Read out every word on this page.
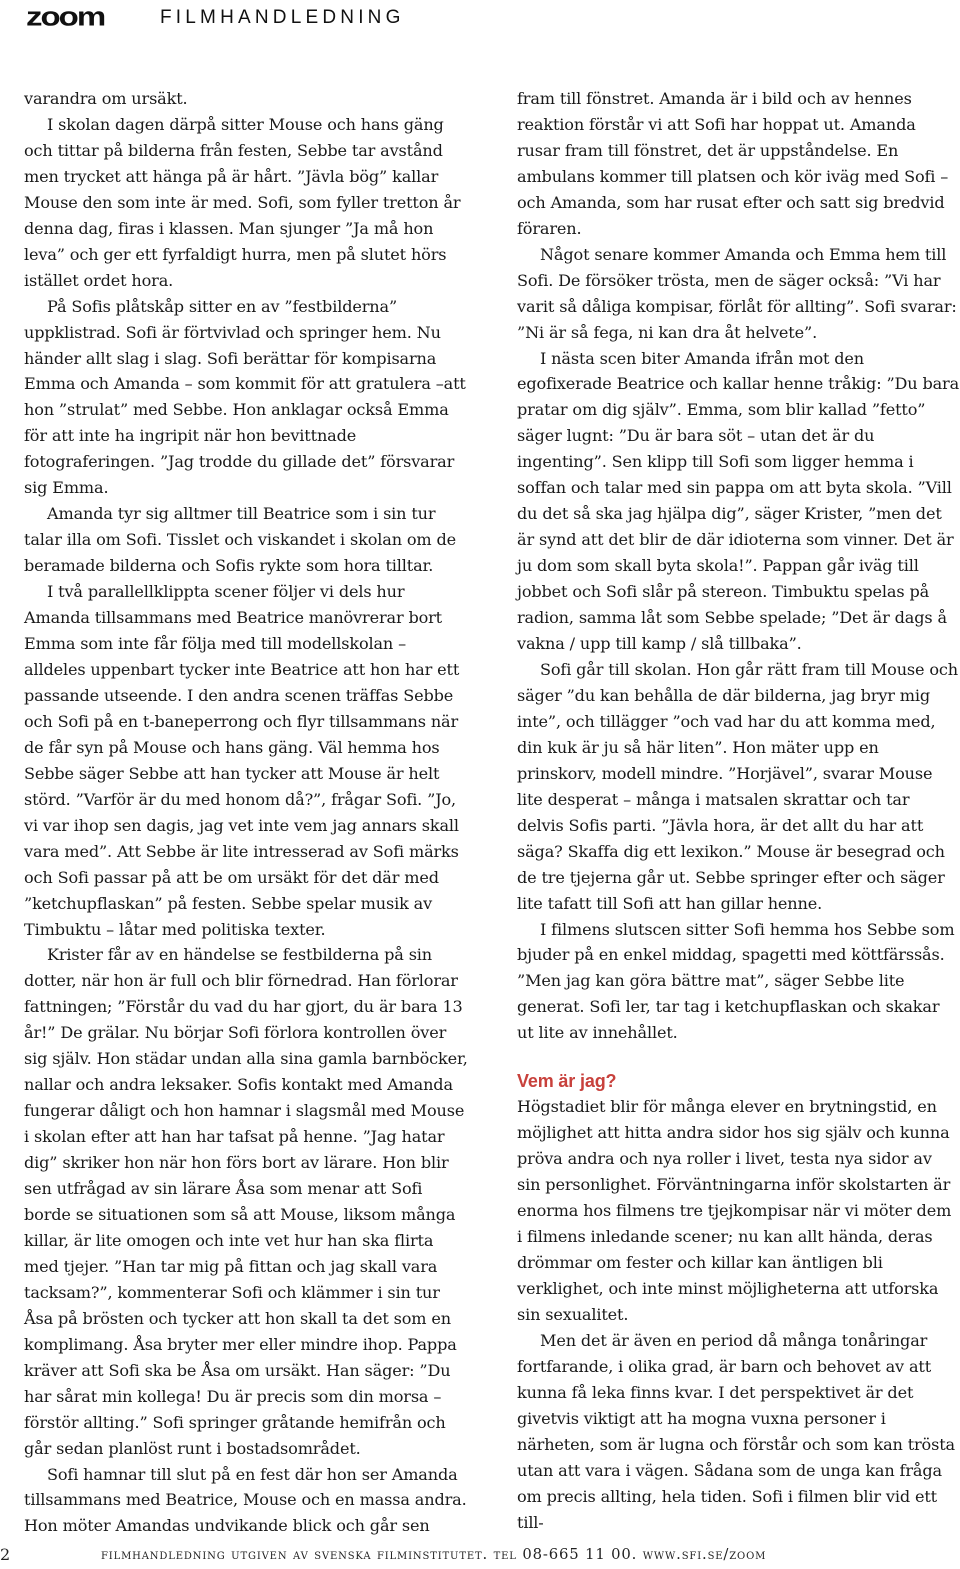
zoom	FILMHANDLEDNING

varandra om ursäkt.

I skolan dagen därpå sitter Mouse och hans gäng och tittar på bilderna från festen, Sebbe tar avstånd men trycket att hänga på är hårt. ”Jävla bög” kallar Mouse den som inte är med. Sofi, som fyller tretton år denna dag, firas i klassen. Man sjunger ”Ja må hon leva” och ger ett fyrfaldigt hurra, men på slutet hörs istället ordet hora.

På Sofis plåtskåp sitter en av ”festbilderna” uppklistrad. Sofi är förtvivlad och springer hem. Nu händer allt slag i slag. Sofi berättar för kompisarna Emma och Amanda – som kommit för att gratulera –att hon ”strulat” med Sebbe. Hon anklagar också Emma för att inte ha ingripit när hon bevittnade fotograferingen. ”Jag trodde du gillade det” försvarar sig Emma.

Amanda tyr sig alltmer till Beatrice som i sin tur talar illa om Sofi. Tisslet och viskandet i skolan om de beramade bilderna och Sofis rykte som hora tilltar.

I två parallellklippta scener följer vi dels hur Amanda tillsammans med Beatrice manövrerar bort Emma som inte får följa med till modellskolan – alldeles uppenbart tycker inte Beatrice att hon har ett passande utseende. I den andra scenen träffas Sebbe och Sofi på en t-baneperrong och flyr tillsammans när de får syn på Mouse och hans gäng. Väl hemma hos Sebbe säger Sebbe att han tycker att Mouse är helt störd. ”Varför är du med honom då?”, frågar Sofi. ”Jo, vi var ihop sen dagis, jag vet inte vem jag annars skall vara med”. Att Sebbe är lite intresserad av Sofi märks och Sofi passar på att be om ursäkt för det där med ”ketchupflaskan” på festen. Sebbe spelar musik av Timbuktu – låtar med politiska texter.

Krister får av en händelse se festbilderna på sin dotter, när hon är full och blir förnedrad. Han förlorar fattningen; ”Förstår du vad du har gjort, du är bara 13 år!” De grälar. Nu börjar Sofi förlora kontrollen över sig själv. Hon städar undan alla sina gamla barnböcker, nallar och andra leksaker. Sofis kontakt med Amanda fungerar dåligt och hon hamnar i slagsmål med Mouse i skolan efter att han har tafsat på henne. ”Jag hatar dig” skriker hon när hon förs bort av lärare. Hon blir sen utfrågad av sin lärare Åsa som menar att Sofi borde se situationen som så att Mouse, liksom många killar, är lite omogen och inte vet hur han ska flirta med tjejer. ”Han tar mig på fittan och jag skall vara tacksam?”, kommenterar Sofi och klämmer i sin tur Åsa på brösten och tycker att hon skall ta det som en komplimang. Åsa bryter mer eller mindre ihop. Pappa kräver att Sofi ska be Åsa om ursäkt. Han säger: ”Du har sårat min kollega! Du är precis som din morsa – förstör allting.” Sofi springer gråtande hemifrån och går sedan planlöst runt i bostadsområdet.

Sofi hamnar till slut på en fest där hon ser Amanda tillsammans med Beatrice, Mouse och en massa andra. Hon möter Amandas undvikande blick och går sen

fram till fönstret. Amanda är i bild och av hennes reaktion förstår vi att Sofi har hoppat ut. Amanda rusar fram till fönstret, det är uppståndelse. En ambulans kommer till platsen och kör iväg med Sofi – och Amanda, som har rusat efter och satt sig bredvid föraren.

Något senare kommer Amanda och Emma hem till Sofi. De försöker trösta, men de säger också: ”Vi har varit så dåliga kompisar, förlåt för allting”. Sofi svarar: ”Ni är så fega, ni kan dra åt helvete”.

I nästa scen biter Amanda ifrån mot den egofixerade Beatrice och kallar henne tråkig: ”Du bara pratar om dig själv”. Emma, som blir kallad ”fetto” säger lugnt: ”Du är bara söt – utan det är du ingenting”. Sen klipp till Sofi som ligger hemma i soffan och talar med sin pappa om att byta skola. ”Vill du det så ska jag hjälpa dig”, säger Krister, ”men det är synd att det blir de där idioterna som vinner. Det är ju dom som skall byta skola!”. Pappan går iväg till jobbet och Sofi slår på stereon. Timbuktu spelas på radion, samma låt som Sebbe spelade; ”Det är dags å vakna / upp till kamp / slå tillbaka”.

Sofi går till skolan. Hon går rätt fram till Mouse och säger ”du kan behålla de där bilderna, jag bryr mig inte”, och tillägger ”och vad har du att komma med, din kuk är ju så här liten”. Hon mäter upp en prinskorv, modell mindre. ”Horjävel”, svarar Mouse lite desperat – många i matsalen skrattar och tar delvis Sofis parti. ”Jävla hora, är det allt du har att säga? Skaffa dig ett lexikon.” Mouse är besegrad och de tre tjejerna går ut. Sebbe springer efter och säger lite tafatt till Sofi att han gillar henne.

I filmens slutscen sitter Sofi hemma hos Sebbe som bjuder på en enkel middag, spagetti med köttfärssås. ”Men jag kan göra bättre mat”, säger Sebbe lite generat. Sofi ler, tar tag i ketchupflaskan och skakar ut lite av innehållet.

Vem är jag?

Högstadiet blir för många elever en brytningstid, en möjlighet att hitta andra sidor hos sig själv och kunna pröva andra och nya roller i livet, testa nya sidor av sin personlighet. Förväntningarna inför skolstarten är enorma hos filmens tre tjejkompisar när vi möter dem i filmens inledande scener; nu kan allt hända, deras drömmar om fester och killar kan äntligen bli verklighet, och inte minst möjligheterna att utforska sin sexualitet.

Men det är även en period då många tonåringar fortfarande, i olika grad, är barn och behovet av att kunna få leka finns kvar. I det perspektivet är det givetvis viktigt att ha mogna vuxna personer i närheten, som är lugna och förstår och som kan trösta utan att vara i vägen. Sådana som de unga kan fråga om precis allting, hela tiden. Sofi i filmen blir vid ett till-

2	filmhandledning utgiven av svenska filminstitutet. tel 08-665 11 00. www.sfi.se/zoom
